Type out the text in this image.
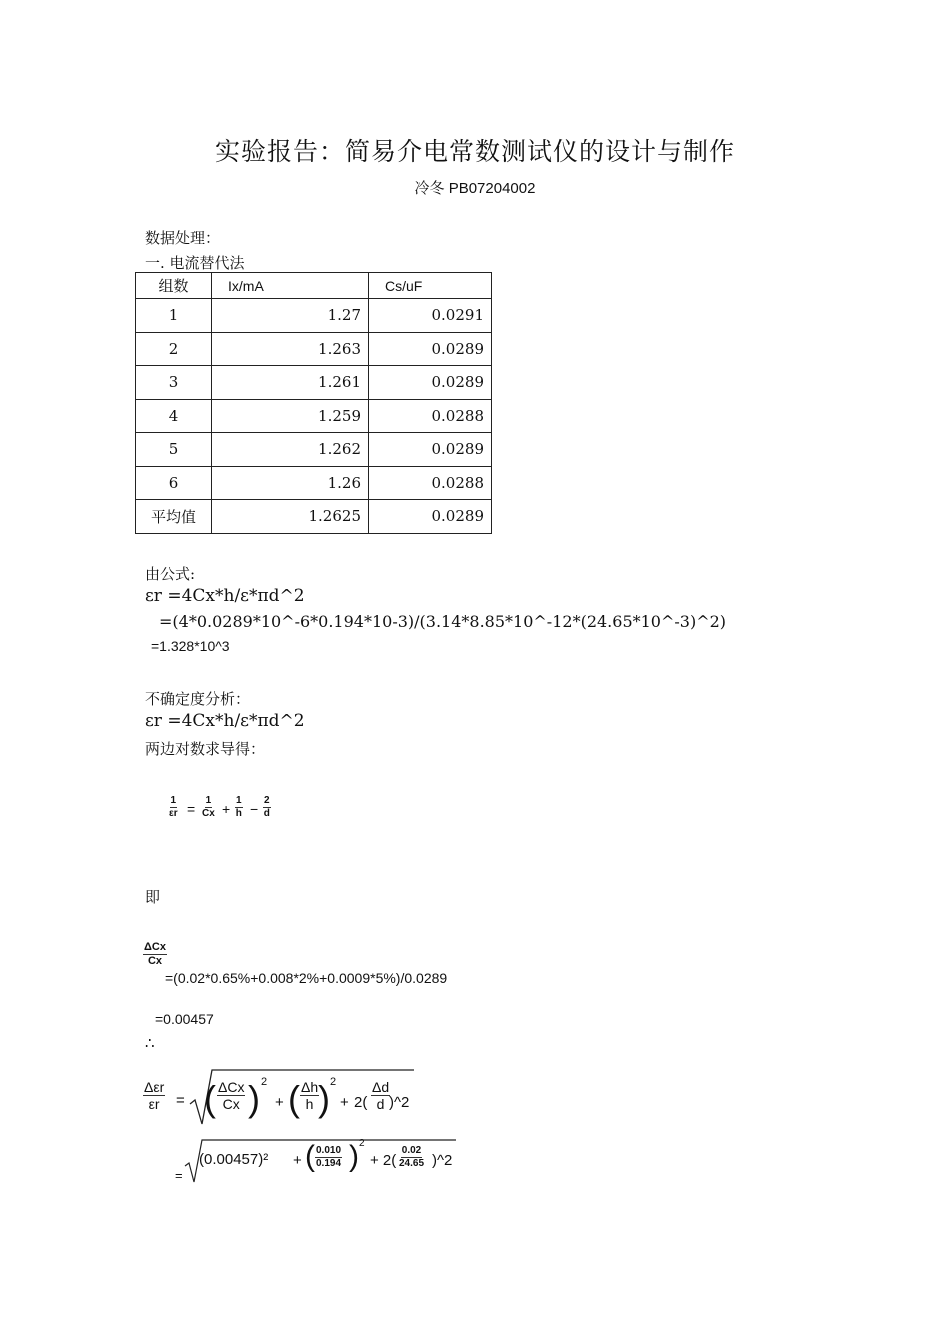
实验报告：简易介电常数测试仪的设计与制作
冷冬 PB07204002
数据处理：
一. 电流替代法
组数	Ix/mA	Cs/uF
1	1.27	0.0291
2	1.263	0.0289
3	1.261	0.0289
4	1.259	0.0288
5	1.262	0.0289
6	1.26	0.0288
平均值	1.2625	0.0289
由公式:
εr =4Cx*h/ε*πd^2
=(4*0.0289*10^-6*0.194*10-3)/(3.14*8.85*10^-12*(24.65*10^-3)^2)
=1.328*10^3
不确定度分析：
εr =4Cx*h/ε*πd^2
两边对数求导得：
$\frac{1}{\varepsilon r} = \frac{1}{Cx} + \frac{1}{h} - \frac{2}{d}$
即
ΔCx
Cx
=(0.02*0.65%+0.008*2%+0.0009*5%)/0.0289
=0.00457
∴
Δεr
εr = ( ΔCx
Cx ) 2
+ ( $\frac{\Delta h}{h}$
) 2
+ $2( \frac{\Delta d}{d}$
)^2
=
(0.00457)² + ( $\frac{0.010}{0.194}$ ) 2
+ $2( \frac{0.02}{24.65}$ )^2
